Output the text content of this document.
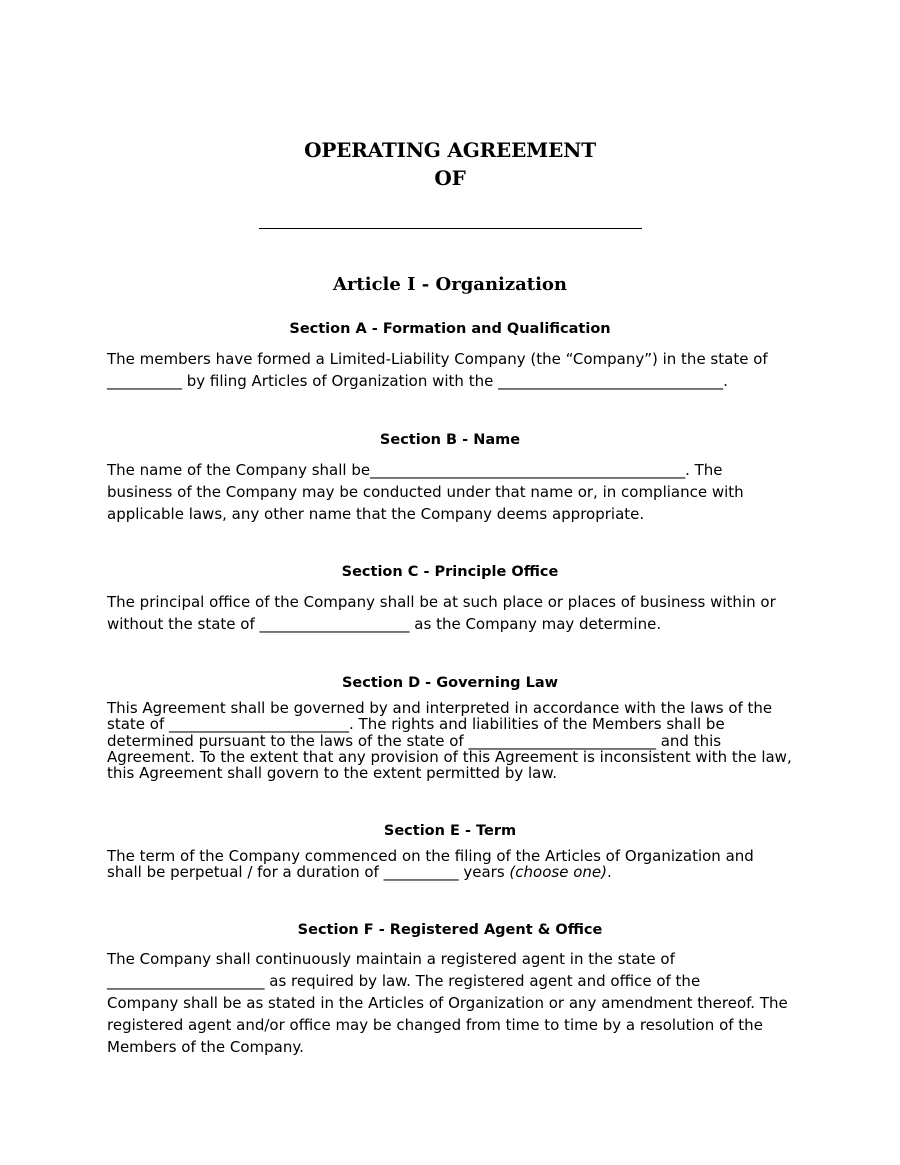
OPERATING AGREEMENT
OF
Article I - Organization
Section A - Formation and Qualification
The members have formed a Limited-Liability Company (the “Company”) in the state of
__________ by filing Articles of Organization with the ______________________________.
Section B - Name
The name of the Company shall be__________________________________________. The
business of the Company may be conducted under that name or, in compliance with
applicable laws, any other name that the Company deems appropriate.
Section C - Principle Office
The principal office of the Company shall be at such place or places of business within or
without the state of ____________________ as the Company may determine.
Section D - Governing Law
This Agreement shall be governed by and interpreted in accordance with the laws of the
state of ________________________. The rights and liabilities of the Members shall be
determined pursuant to the laws of the state of _________________________ and this
Agreement. To the extent that any provision of this Agreement is inconsistent with the law,
this Agreement shall govern to the extent permitted by law.
Section E - Term
The term of the Company commenced on the filing of the Articles of Organization and
shall be perpetual / for a duration of __________ years (choose one).
Section F - Registered Agent & Office
The Company shall continuously maintain a registered agent in the state of
_____________________ as required by law. The registered agent and office of the
Company shall be as stated in the Articles of Organization or any amendment thereof. The
registered agent and/or office may be changed from time to time by a resolution of the
Members of the Company.
